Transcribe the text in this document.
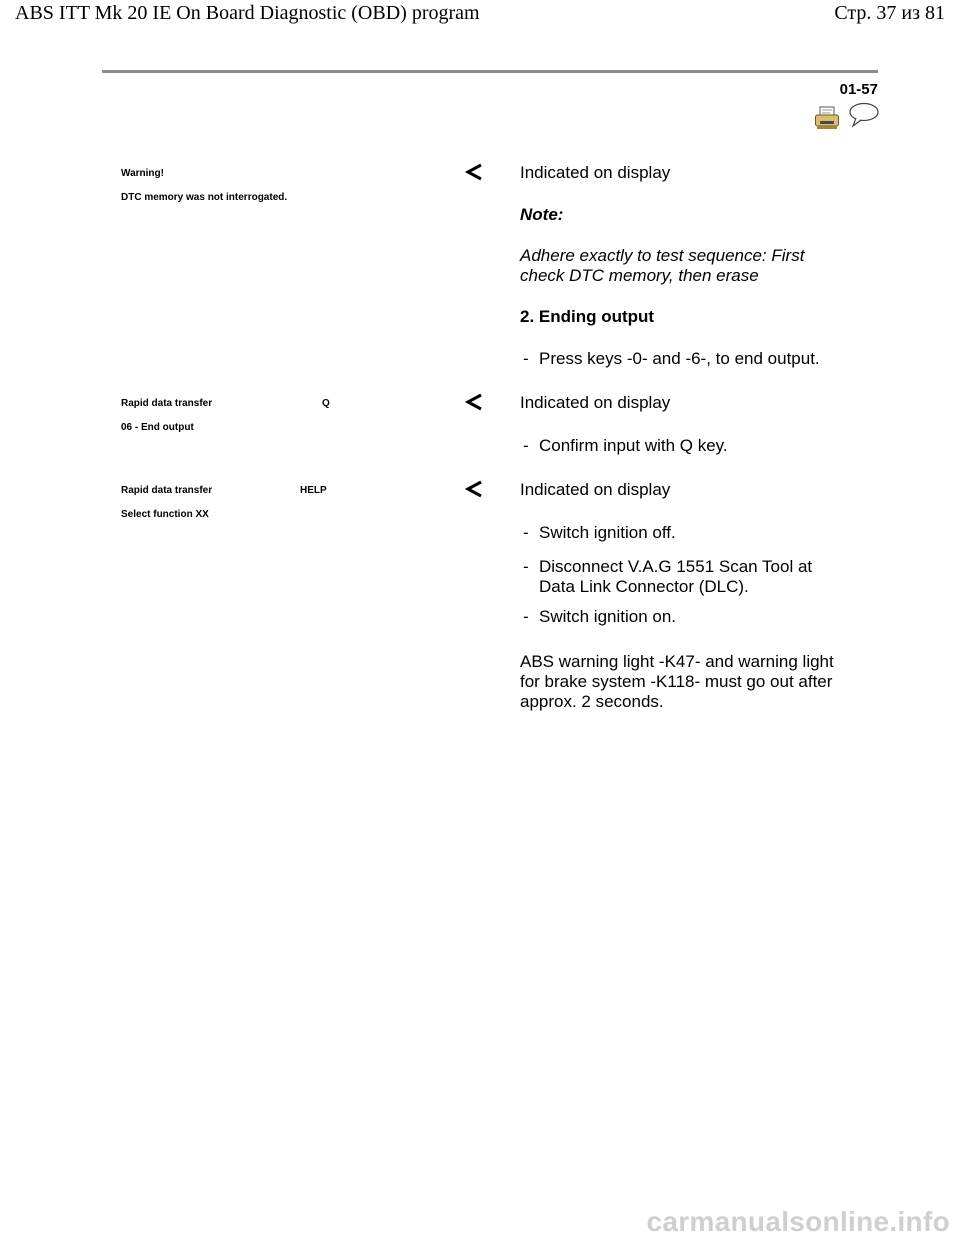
ABS ITT Mk 20 IE On Board Diagnostic (OBD) program	Стр. 37 из 81
01-57
Warning!
DTC memory was not interrogated.
Indicated on display
Note:
Adhere exactly to test sequence: First
check DTC memory, then erase
2. Ending output
- Press keys -0- and -6-, to end output.
Rapid data transfer	Q
06 - End output
Indicated on display
- Confirm input with Q key.
Rapid data transfer	HELP
Select function XX
Indicated on display
- Switch ignition off.
- Disconnect V.A.G 1551 Scan Tool at
Data Link Connector (DLC).
- Switch ignition on.
ABS warning light -K47- and warning light
for brake system -K118- must go out after
approx. 2 seconds.
carmanualsonline.info
